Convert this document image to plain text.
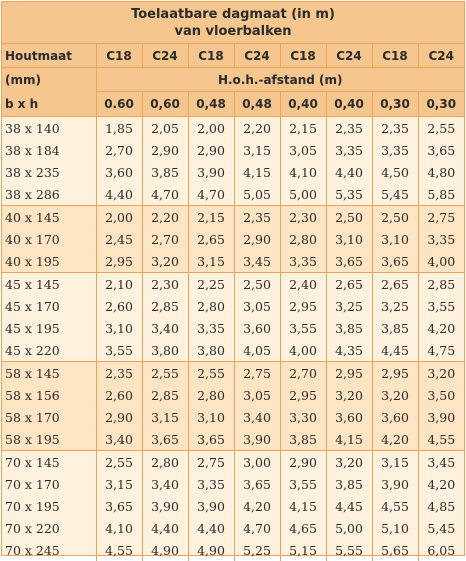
Toelaatbare dagmaat (in m)
van vloerbalken
Houtmaat	C18	C24	C18	C24	C18	C24	C18	C24
(mm)	H.o.h.-afstand (m)							
b x h	0.60	0,60	0,48	0,48	0,40	0,40	0,30	0,30
38 x 140	1,85	2,05	2,00	2,20	2,15	2,35	2,35	2,55
38 x 184	2,70	2,90	2,90	3,15	3,05	3,35	3,35	3,65
38 x 235	3,60	3,85	3,90	4,15	4,10	4,40	4,50	4,80
38 x 286	4,40	4,70	4,70	5,05	5,00	5,35	5,45	5,85
40 x 145	2,00	2,20	2,15	2,35	2,30	2,50	2,50	2,75
40 x 170	2,45	2,70	2,65	2,90	2,80	3,10	3,10	3,35
40 x 195	2,95	3,20	3,15	3,45	3,35	3,65	3,65	4,00
45 x 145	2,10	2,30	2,25	2,50	2,40	2,65	2,65	2,85
45 x 170	2,60	2,85	2,80	3,05	2,95	3,25	3,25	3,55
45 x 195	3,10	3,40	3,35	3,60	3,55	3,85	3,85	4,20
45 x 220	3,55	3,80	3,80	4,05	4,00	4,35	4,45	4,75
58 x 145	2,35	2,55	2,55	2,75	2,70	2,95	2,95	3,20
58 x 156	2,60	2,85	2,80	3,05	2,95	3,20	3,20	3,50
58 x 170	2,90	3,15	3,10	3,40	3,30	3,60	3,60	3,90
58 x 195	3,40	3,65	3,65	3,90	3,85	4,15	4,20	4,55
70 x 145	2,55	2,80	2,75	3,00	2,90	3,20	3,15	3,45
70 x 170	3,15	3,40	3,35	3,65	3,55	3,85	3,90	4,20
70 x 195	3,65	3,90	3,90	4,20	4,15	4,45	4,55	4,85
70 x 220	4,10	4,40	4,40	4,70	4,65	5,00	5,10	5,45
70 x 245	4,55	4,90	4,90	5,25	5,15	5,55	5,65	6,05
